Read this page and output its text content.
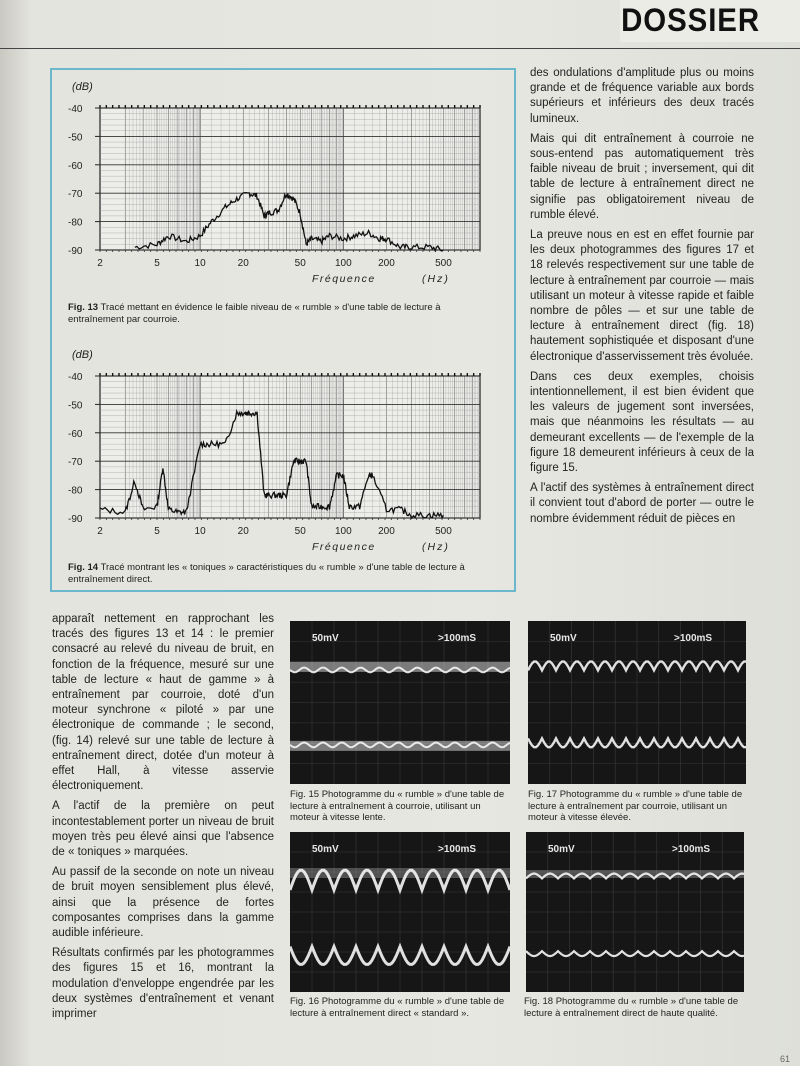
DOSSIER
(dB)
-40
-50
-60
-70
-80
-90
2	5	10	20	50	100	200	500
Fréquence	(Hz)
Fig. 13 Tracé mettant en évidence le faible niveau de « rumble » d'une table de lecture à entraînement par courroie.
(dB)
-40
-50
-60
-70
-80
-90
2	5	10	20	50	100	200	500
Fréquence	(Hz)
Fig. 14 Tracé montrant les « toniques » caractéristiques du « rumble » d'une table de lecture à entraînement direct.

des ondulations d'amplitude plus ou moins grande et de fréquence variable aux bords supérieurs et inférieurs des deux tracés lumineux.

Mais qui dit entraînement à courroie ne sous-entend pas automatiquement très faible niveau de bruit ; inversement, qui dit table de lecture à entraînement direct ne signifie pas obligatoirement niveau de rumble élevé.

La preuve nous en est en effet fournie par les deux photogrammes des figures 17 et 18 relevés respectivement sur une table de lecture à entraînement par courroie — mais utilisant un moteur à vitesse rapide et faible nombre de pôles — et sur une table de lecture à entraînement direct (fig. 18) hautement sophistiquée et disposant d'une électronique d'asservissement très évoluée.

Dans ces deux exemples, choisis intentionnellement, il est bien évident que les valeurs de jugement sont inversées, mais que néanmoins les résultats — au demeurant excellents — de l'exemple de la figure 18 demeurent inférieurs à ceux de la figure 15.

A l'actif des systèmes à entraînement direct il convient tout d'abord de porter — outre le nombre évidemment réduit de pièces en

apparaît nettement en rapprochant les tracés des figures 13 et 14 : le premier consacré au relevé du niveau de bruit, en fonction de la fréquence, mesuré sur une table de lecture « haut de gamme » à entraînement par courroie, doté d'un moteur synchrone « piloté » par une électronique de commande ; le second, (fig. 14) relevé sur une table de lecture à entraînement direct, dotée d'un moteur à effet Hall, à vitesse asservie électroniquement.

A l'actif de la première on peut incontestablement porter un niveau de bruit moyen très peu élevé ainsi que l'absence de « toniques » marquées.

Au passif de la seconde on note un niveau de bruit moyen sensiblement plus élevé, ainsi que la présence de fortes composantes comprises dans la gamme audible inférieure.

Résultats confirmés par les photogrammes des figures 15 et 16, montrant la modulation d'enveloppe engendrée par les deux systèmes d'entraînement et venant imprimer

50mV	>100mS
Fig. 15 Photogramme du « rumble » d'une table de lecture à entraînement à courroie, utilisant un moteur à vitesse lente.
50mV	>100mS
Fig. 17 Photogramme du « rumble » d'une table de lecture à entraînement par courroie, utilisant un moteur à vitesse élevée.
50mV	>100mS
Fig. 16 Photogramme du « rumble » d'une table de lecture à entraînement direct « standard ».
50mV	>100mS
Fig. 18 Photogramme du « rumble » d'une table de lecture à entraînement direct de haute qualité.
61
